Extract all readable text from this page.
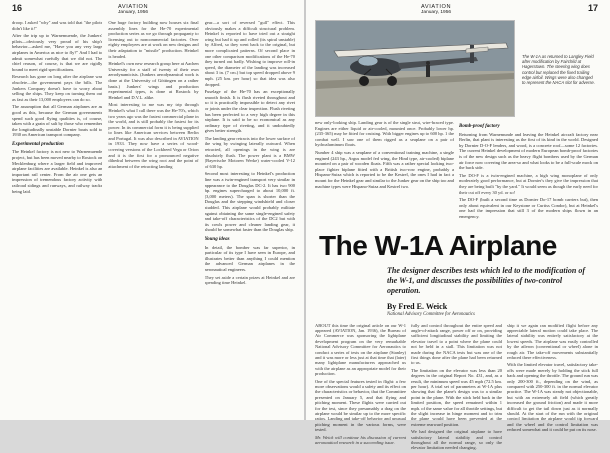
16	AVIATION
January, 1956

droop. I asked "why" and was told that "the pilots didn't like it!"

After the trip up to Warnemuende, the Junkers' pilots—obviously very proud of his ship's behavior—asked me, "Have you any very large airplanes in America as nice to fly?" And I had to admit somewhat ruefully that we did not. The chief reason, of course, is that we are rigidly bound to meet rigid specifications.

Research has gone on long after the airplane was obsolete—the government pays the bills. The Junkers Company doesn't have to worry about selling the ships. They keep on turning them out as fast as their 13,000 employees can do so.

The assumption that all German airplanes are as good as this, because the German governments spend such good flying qualities is, of course, taken with a grain of salt by those who remember the longitudinally unstable Dornier boats sold to 1930 on American transport company.

Experimental production

The Heinkel factory is not new to Warnemuende project, but has been moved nearby to Rostock on Mecklenburg where a larger field and improved airplane facilities are available. Heinkel is also an important rail center. From the air one gets an impression of tremendous factory activity with railroad sidings and runways, and railway tracks being laid.

One huge factory building now houses six final assembly lines for the He-70 experimental production series as we go through propaganty to licensing out to noncommercial factories. Over eighty employees are at work on new designs and their adaptation to "missile" production. Heinkel is headed.

Heinkel's own new research group here at Aachen University for a staff of twenty of their own aerodynamicists. (Junkers aerodynamical work is done at the University of Göttingen on a rather basis.) Junkers' wings and production experimental types, is done at Rostock by Heinkel and D.V.L. alike.

Most interesting to me was my trip through Heinkel's what I call there was the He-70's, which two years ago was the fastest commercial plane in the world, and is still probably the fastest for its power. In its commercial form it is being supplied to lines like American services between Berlin and Portugal. It was also described in AVIATION in 1933. They now have a series of wood-covering versions of the Lockheed Vega or Orion and it is the first for a pronounced negative dihedral between the wing root and the point of attachment of the retracting landing

gear—a sort of reversed "gull" effect. This obviously makes a difficult structural problem. Heinkel is reported to have tried out a straight wing but had it up and rolled (its spiral unstable) by Alfred, so they went back to the original, but more complicated patterns. Of second place in one other comparison modifications of the He-70 they turned out badly. Wishing to improve roll-in speed, the diameter of the landing was increased about 3 in. (7 cm.) but top speed dropped above 9 mph. (25 km. per hour) so that idea was also dropped.

Fuselage of the He-70 has an exceptionally smooth finish. It is flush riveted throughout and so it is practically impossible to detect any rivet or joints under the clear inspection. Flush riveting has been perfected to a very high degree in this airplane. It is said to be so economical as any ordinary type of riveting, and it undoubtedly gives better strength.

The landing gear retracts into the lower surface of the wing by swinging laterally outward. When retracted, all openings in the wing is are absolutely flush. The power plant is a BMW (Bayerische Motoren Werke) water-cooled V-12 of 630 hp.

Second most interesting to Heinkel's production line was a twin-engined transport very similar in appearance to the Douglas DC-2. It has two 900 hp. engines supercharged to about 10,000 ft. (3,000 meters). The span is shorter than the Douglas and the stepping windshield and closer studded. This airplane would probably militate against obtaining the same single-engined safety and take-off characteristics of the DC2 but with its cowls power and cleaner landing gear, it should be somewhat faster than the Douglas ship.

Young ideas

In detail, the bomber was far superior, in particular of its type I have seen in Europe, and illustrates better than anything I could mention the advanced German airplanes in the aeronautical engineers.

They set aside a certain prizes at Heinkel and are spending time Heinkel.

AVIATION
January, 1956	17
The W-1A as returned to Langley Field after modification by Fairchild at Hagerstown. The steering wing does control but replaced the fixed trailing edge airfoil. Wings were also changed to represent the NACA slot for adverse.

new only-looking ship. Landing gear is of the single strut, wire-braced type. Engines are either liquid or air-cooled, mounted once. Probably lower hp. (235-365) may be fitted for cruising. With bigger engines up to 600 hp. 1 the combat well. I saw one of them rigged as a seaplane on a pair of hydroaluminum floats.

Number 4 ship was a seaplane of a conventional training machine, a single engined (243 hp., Argus model fed wing, the Hind type, air-cooled) biplane mounted on a pair of wooden floats. Fifth was a rather special looking two-place fighter biplane fitted with a British two-row engine, probably a Hispano-Suiza which is reported to be the Kestrel, the ones I had in fact a mount for the Heinkel gear and similar to the Junker gear on the ship too and machine types were Hispano-Suiza and Kestrel two.

Bomb-proof factory

Returning from Warnemunde and leaving the Heinkel aircraft factory near Berlin, that plant is interesting as the first of its kind in the world. Designed by Dornier D-O-F lenders, and wood, is a concrete roof—some 12 factories. The current Heinkel development of modern European bomb-proof factories is of the new design such as the heavy flight bombers used by the German air force now covering the area-so and what looks to be a full-scale mock on the back side.

The DO-F is a twin-engined machine, a high wing monoplane of only moderately good performance, but at Dornier's they give the impression that they are being built "by the yard." It would seem as though the early need for their cut off every 30 yd. or so!

The DO-F (built a second time as Dornier Do-17 bomb carriers but), then only about equivalent in our Keystone or Curtiss Condor), but at Heinkel's one had the impression that still 3 of the modern ships flown in an emergency.

The W-1A Airplane
The designer describes tests which led to the modification of the W-1, and discusses the possibilities of two-control operation.
By Fred E. Weick
National Advisory Committee for Aeronautics

ABOUT this time the original article on our W-1 appeared (AVIATION, Jan. 1936), the Bureau of Air Commerce was sponsoring the lightplane development program on the very remarkable National Advisory Committee for Aeronautics to conduct a series of tests on the airplane (Stanley) and it was more or less just at that time that (later) many lightplane manufacturers approached us with the airplane as an appropriate model for their production.

One of the special features tested in flight: a few more observations would a safety and its effect on the characteristics or behavior, that the Committee presented on January 5, and that flying and pitching moment. These flights were carried out for the test, since they presumably a drag on the airplane would be similar up to the more specific ratios. Landing and take-off behavior and unusual pitching moment in the various forms, were tested.

Mr. Weick will continue his discussion of current aeronautical research in a succeeding issue.

fully and control throughout the entire speed and angle-of-attack range, power off or on, providing sufficient longitudinal stability and limiting the elevator travel to a point where the plane could not be held in a stall. This limitation was not made during the NACA tests but was one of the first things done after the plane had been returned to us.

The limitation on the elevator was less than 20 degrees in the original Report No. 431, and, as a result, the minimum speed was 45 mph (72.5 km. per hour). A trial set of parameters at W-1A plus showing that the plane's design was to a similar point in the plane. With the stick held back in the limited position, the speed remained within 1 mph. of the same value for all throttle settings, but the slight increase in hinge moment and to trim the plane would have been prevented at the extreme rearward position.

We had designed the original airplane to have satisfactory lateral stability and control throughout all the normal range, so only the elevator limitation needed changing.

ship it we again ran modified flight before any appreciable lateral motion could take place. The lateral stability was entirely satisfactory at the lowest speeds. The airplane was easily controlled by the aileron (conventional or wheel) alone in rough air. The take-off movements substantially reduced there effectiveness.

With the limited elevator travel, satisfactory take-offs were made merely by holding the stick full back and opening the throttle. The ground run was only 200-300 ft., depending on the wind, as compared with 250-300 ft. in the normal elevator practice. The W-1A was steady not objectionable, but with an extremely aft field (which greatly increased the ground friction) and made it more difficult to get the tail down just as it normally should. At the start of the run with the original control limitation the airplane would tip forward and the wheel and the control limitation was reduced somewhat and it could be put on its nose.
